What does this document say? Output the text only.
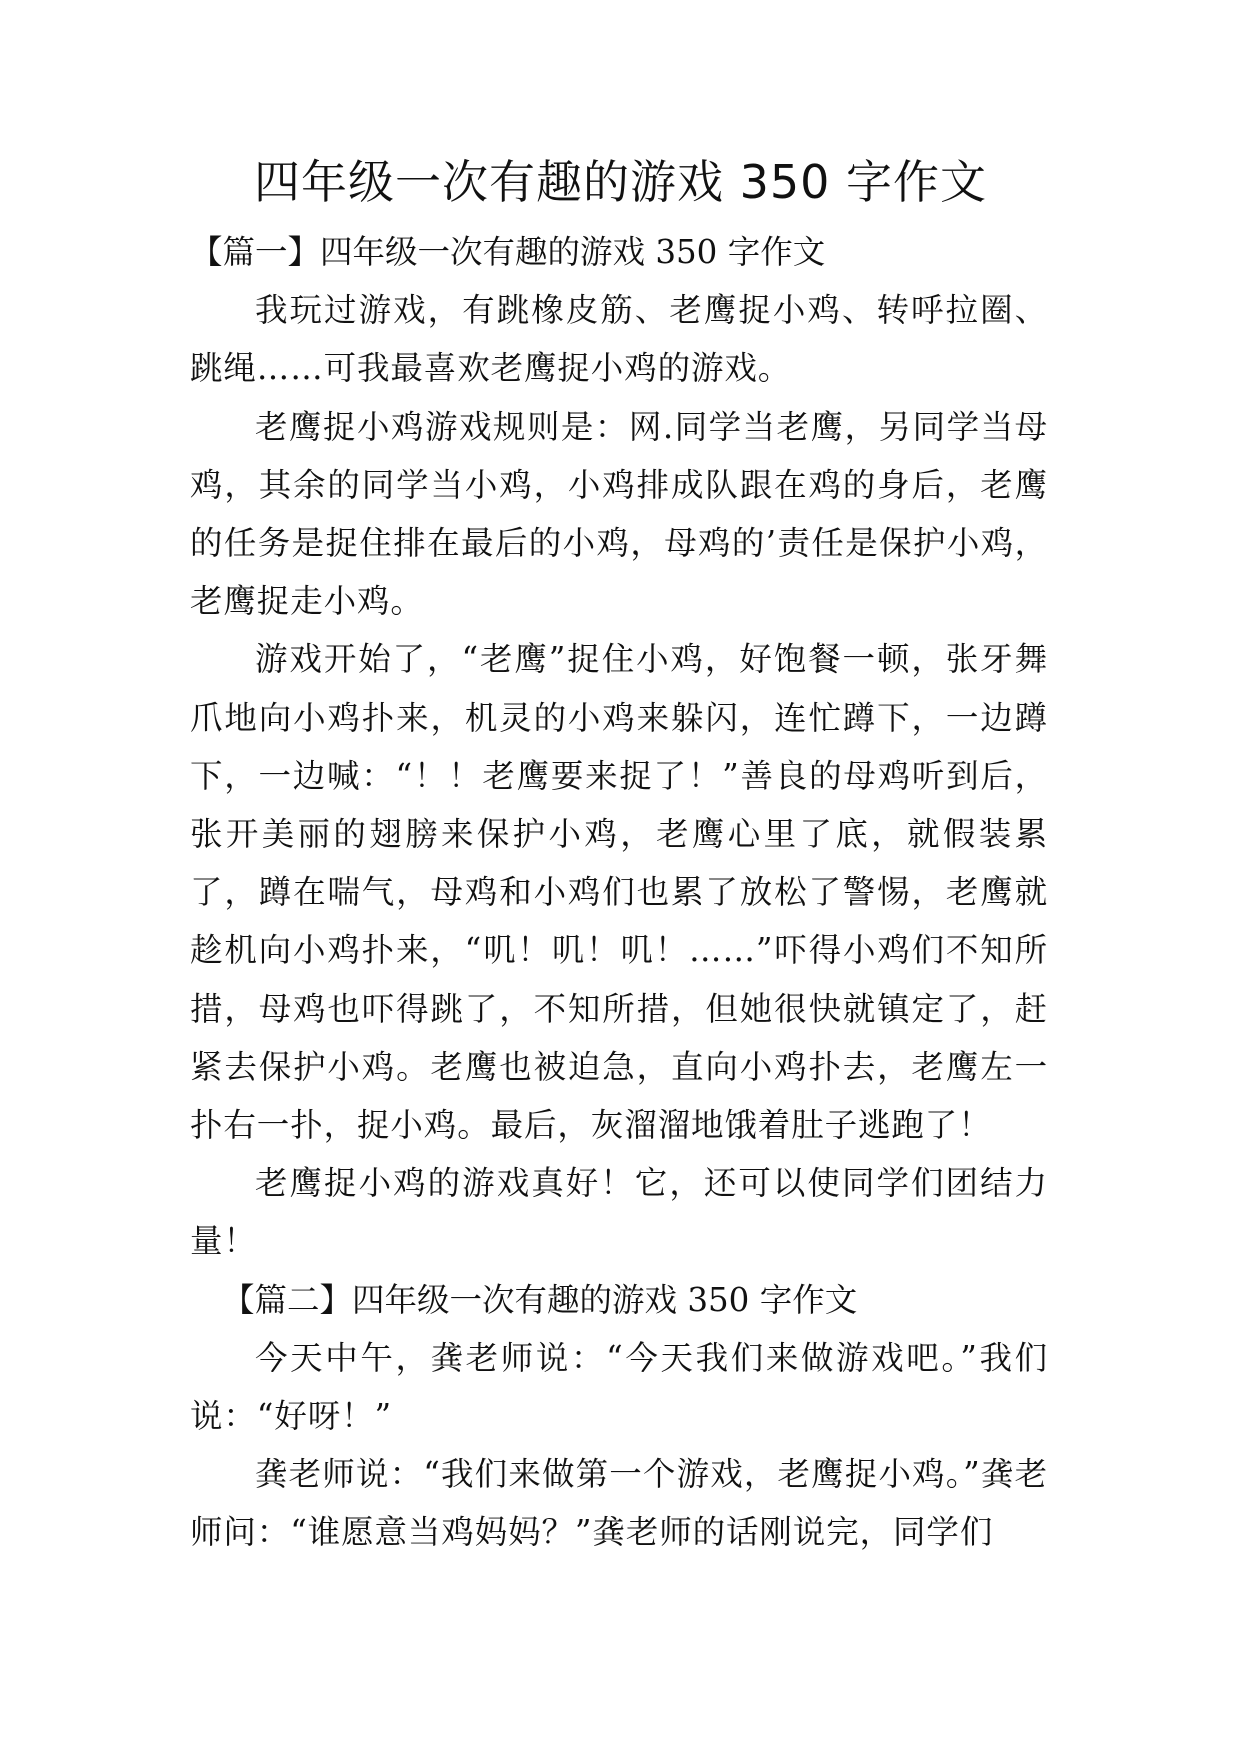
四年级一次有趣的游戏 350 字作文

【篇一】四年级一次有趣的游戏 350 字作文

我玩过游戏，有跳橡皮筋、老鹰捉小鸡、转呼拉圈、跳绳……可我最喜欢老鹰捉小鸡的游戏。

老鹰捉小鸡游戏规则是：网.同学当老鹰，另同学当母鸡，其余的同学当小鸡，小鸡排成队跟在鸡的身后，老鹰的任务是捉住排在最后的小鸡，母鸡的’责任是保护小鸡，老鹰捉走小鸡。

游戏开始了，“老鹰”捉住小鸡，好饱餐一顿，张牙舞爪地向小鸡扑来，机灵的小鸡来躲闪，连忙蹲下，一边蹲下，一边喊：“！！老鹰要来捉了！”善良的母鸡听到后，张开美丽的翅膀来保护小鸡，老鹰心里了底，就假装累了，蹲在喘气，母鸡和小鸡们也累了放松了警惕，老鹰就趁机向小鸡扑来，“叽！叽！叽！……”吓得小鸡们不知所措，母鸡也吓得跳了，不知所措，但她很快就镇定了，赶紧去保护小鸡。老鹰也被迫急，直向小鸡扑去，老鹰左一扑右一扑，捉小鸡。最后，灰溜溜地饿着肚子逃跑了！

老鹰捉小鸡的游戏真好！它，还可以使同学们团结力量！

【篇二】四年级一次有趣的游戏 350 字作文

今天中午，龚老师说：“今天我们来做游戏吧。”我们说：“好呀！”

龚老师说：“我们来做第一个游戏，老鹰捉小鸡。”龚老师问：“谁愿意当鸡妈妈？”龚老师的话刚说完，同学们
